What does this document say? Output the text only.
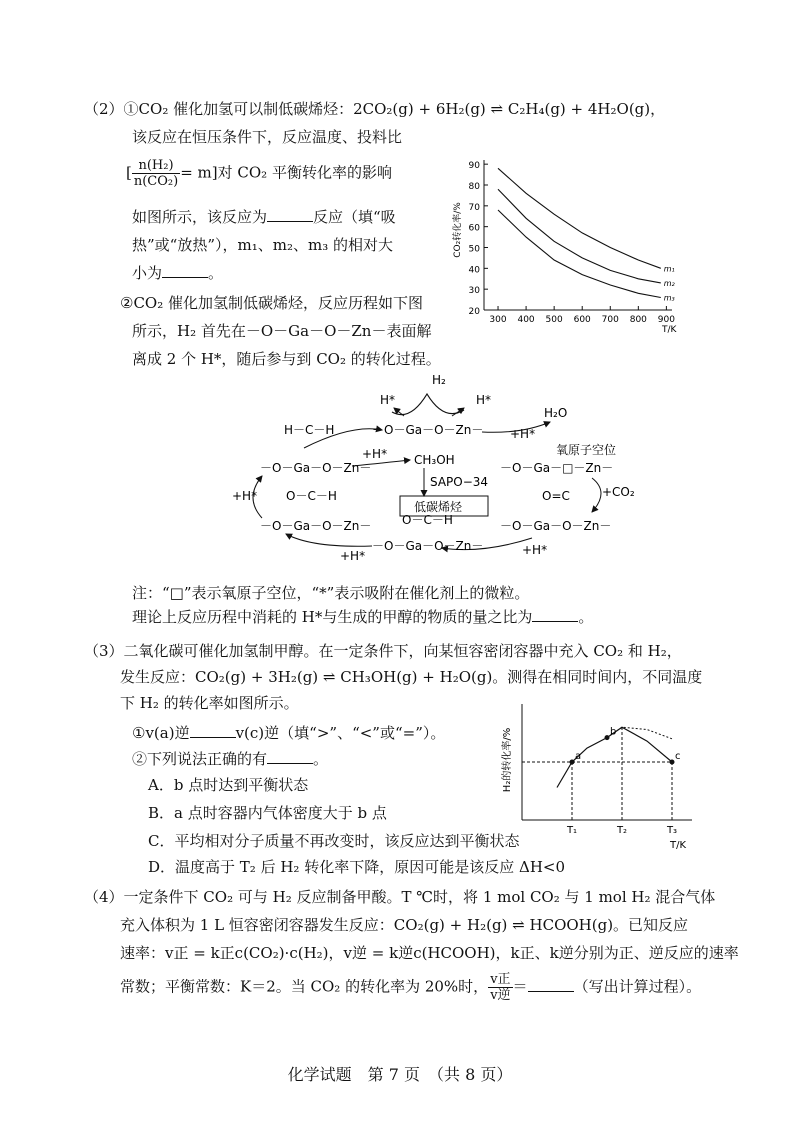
（2）①CO₂ 催化加氢可以制低碳烯烃：2CO₂(g) + 6H₂(g) ⇌ C₂H₄(g) + 4H₂O(g)，
该反应在恒压条件下，反应温度、投料比
[ $\frac{\text{n(H₂)}}{\text{n(CO₂)}} = m$]对 CO₂ 平衡转化率的影响
如图所示，该反应为	反应（填“吸
热”或“放热”），m₁、m₂、m₃ 的相对大
小为	。
②CO₂ 催化加氢制低碳烯烃，反应历程如下图
所示，H₂ 首先在－O－Ga－O－Zn－表面解
离成 2 个 H*，随后参与到 CO₂ 的转化过程。
20
30
40
50
60
70
80
90
300 400 500 600 700 800 900
T/K
CO₂转化率/%
m₁
m₂
m₃
H₂
H*	H*
－O－Ga－O－Zn－
H₂O
+H*
氧原子空位
－O－Ga－□－Zn－
+CO₂
O=C
－O－Ga－O－Zn－
+H*
O－C－H
－O－Ga－O－Zn－
+H*
O－C－H
－O－Ga－O－Zn－
+H*
H－C－H
－O－Ga－O－Zn－
+H* CH₃OH
SAPO−34
低碳烯烃
注：“□”表示氧原子空位，“*”表示吸附在催化剂上的微粒。
理论上反应历程中消耗的 H*与生成的甲醇的物质的量之比为	。
（3）二氧化碳可催化加氢制甲醇。在一定条件下，向某恒容密闭容器中充入 CO₂ 和 H₂，
发生反应：CO₂(g) + 3H₂(g) ⇌ CH₃OH(g) + H₂O(g)。测得在相同时间内，不同温度
下 H₂ 的转化率如图所示。
①v(a)逆	v(c)逆（填“>”、“<”或“=”）。
②下列说法正确的有	。
A．b 点时达到平衡状态
B．a 点时容器内气体密度大于 b 点
C．平均相对分子质量不再改变时，该反应达到平衡状态
D．温度高于 T₂ 后 H₂ 转化率下降，原因可能是该反应 ΔH<0
H₂的转化率/%
T₁	T₂	T₃
T/K
a
b
c
（4）一定条件下 CO₂ 可与 H₂ 反应制备甲酸。T ℃时，将 1 mol CO₂ 与 1 mol H₂ 混合气体
充入体积为 1 L 恒容密闭容器发生反应：CO₂(g) + H₂(g) ⇌ HCOOH(g)。已知反应
速率：v正 = k正c(CO₂)·c(H₂)，v逆 = k逆c(HCOOH)，k正、k逆分别为正、逆反应的速率
常数；平衡常数：K＝2。当 CO₂ 的转化率为 20%时， $\frac{\text{v正}}{\text{v逆}}$ ＝	（写出计算过程）。
化学试题　第 7 页　（共 8 页）
